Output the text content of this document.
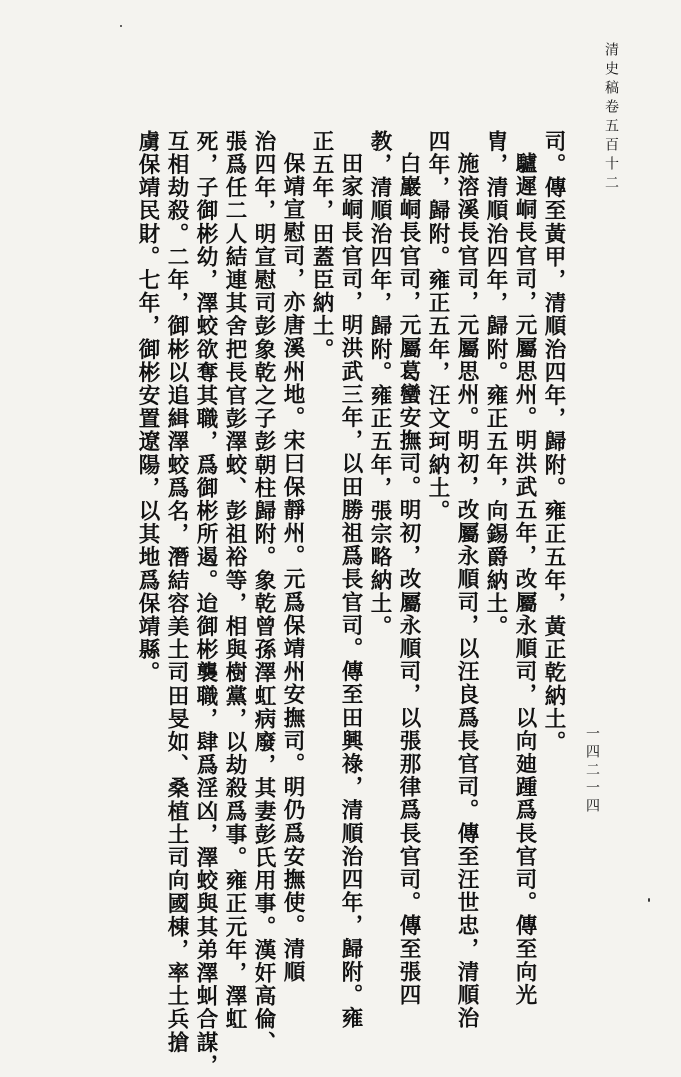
清史稿卷五百十二
一四二一四
司。傳至黃甲，清順治四年，歸附。雍正五年，黃正乾納土。
驢遲峒長官司，元屬思州。明洪武五年，改屬永順司，以向廸踵爲長官司。傳至向光
胄，清順治四年，歸附。雍正五年，向錫爵納土。
施溶溪長官司，元屬思州。明初，改屬永順司，以汪良爲長官司。傳至汪世忠，清順治
四年，歸附。雍正五年，汪文珂納土。
白巖峒長官司，元屬葛蠻安撫司。明初，改屬永順司，以張那律爲長官司。傳至張四
教，清順治四年，歸附。雍正五年，張宗略納土。
田家峒長官司，明洪武三年，以田勝祖爲長官司。傳至田興祿，清順治四年，歸附。雍
正五年，田蓋臣納土。
保靖宣慰司，亦唐溪州地。宋曰保靜州。元爲保靖州安撫司。明仍爲安撫使。清順
治四年，明宣慰司彭象乾之子彭朝柱歸附。象乾曾孫澤虹病廢，其妻彭氏用事。漢奸高倫、
張爲任二人結連其舍把長官彭澤蛟、彭祖裕等，相與樹黨，以劫殺爲事。雍正元年，澤虹
死，子御彬幼，澤蛟欲奪其職，爲御彬所遏。迨御彬襲職，肆爲淫凶，澤蛟與其弟澤虯合謀，
互相劫殺。二年，御彬以追緝澤蛟爲名，潛結容美土司田旻如、桑植土司向國棟，率土兵搶
虜保靖民財。七年，御彬安置遼陽，以其地爲保靖縣。
